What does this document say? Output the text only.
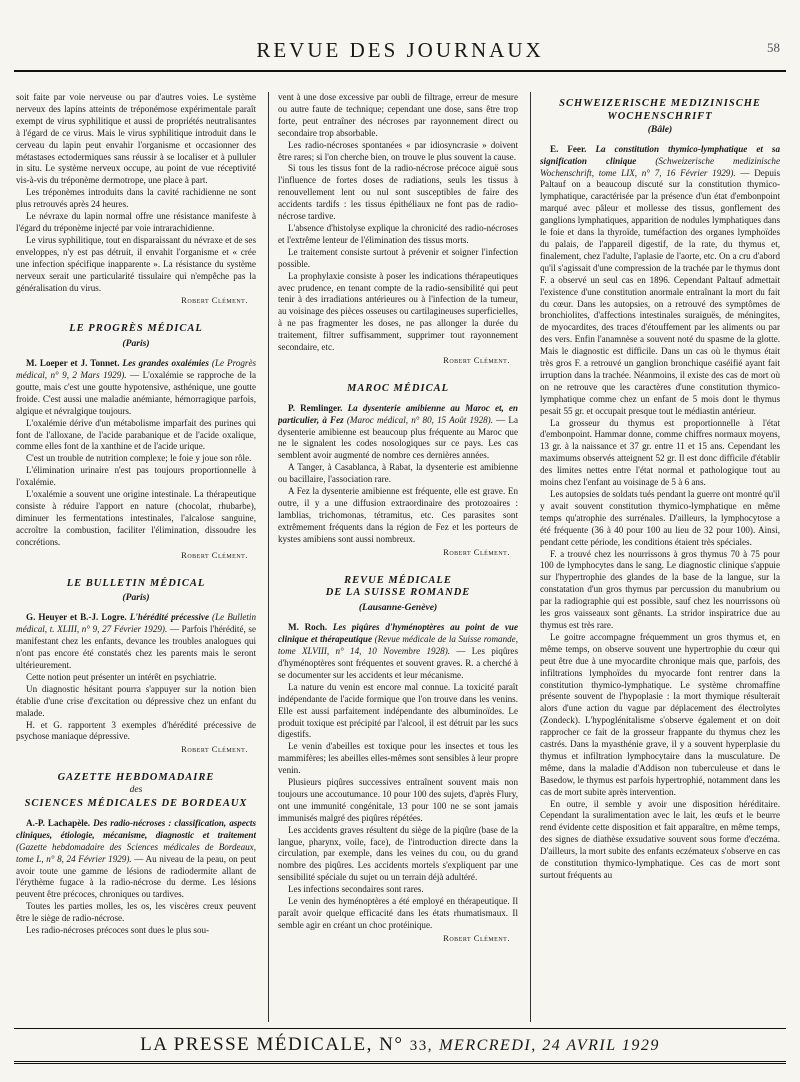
REVUE DES JOURNAUX	58

soit faite par voie nerveuse ou par d'autres voies. Le système nerveux des lapins atteints de tréponémose expérimentale paraît exempt de virus syphilitique et aussi de propriétés neutralisantes à l'égard de ce virus. Mais le virus syphilitique introduit dans le cerveau du lapin peut envahir l'organisme et occasionner des métastases ectodermiques sans réussir à se localiser et à pulluler in situ. Le système nerveux occupe, au point de vue réceptivité vis-à-vis du tréponème dermotrope, une place à part.

Les tréponèmes introduits dans la cavité rachidienne ne sont plus retrouvés après 24 heures.

Le névraxe du lapin normal offre une résistance manifeste à l'égard du tréponème injecté par voie intrarachidienne.

Le virus syphilitique, tout en disparaissant du névraxe et de ses enveloppes, n'y est pas détruit, il envahit l'organisme et « crée une infection spécifique inapparente ». La résistance du système nerveux serait une particularité tissulaire qui n'empêche pas la généralisation du virus.

Robert Clément.
LE PROGRÈS MÉDICAL
(Paris)

M. Loeper et J. Tonnet. Les grandes oxalémies (Le Progrès médical, n° 9, 2 Mars 1929). — L'oxalémie se rapproche de la goutte, mais c'est une goutte hypotensive, asthénique, une goutte froide. C'est aussi une maladie anémiante, hémorragique parfois, algique et névralgique toujours.

L'oxalémie dérive d'un métabolisme imparfait des purines qui font de l'alloxane, de l'acide parabanique et de l'acide oxalique, comme elles font de la xanthine et de l'acide urique.

C'est un trouble de nutrition complexe; le foie y joue son rôle.

L'élimination urinaire n'est pas toujours proportionnelle à l'oxalémie.

L'oxalémie a souvent une origine intestinale. La thérapeutique consiste à réduire l'apport en nature (chocolat, rhubarbe), diminuer les fermentations intestinales, l'alcalose sanguine, accroître la combustion, faciliter l'élimination, dissoudre les concrétions.

Robert Clément.
LE BULLETIN MÉDICAL
(Paris)

G. Heuyer et B.-J. Logre. L'hérédité précessive (Le Bulletin médical, t. XLIII, n° 9, 27 Février 1929). — Parfois l'hérédité, se manifestant chez les enfants, devance les troubles analogues qui n'ont pas encore été constatés chez les parents mais le seront ultérieurement.

Cette notion peut présenter un intérêt en psychiatrie.

Un diagnostic hésitant pourra s'appuyer sur la notion bien établie d'une crise d'excitation ou dépressive chez un enfant du malade.

H. et G. rapportent 3 exemples d'hérédité précessive de psychose maniaque dépressive.

Robert Clément.
GAZETTE HEBDOMADAIRE
des
SCIENCES MÉDICALES DE BORDEAUX

A.-P. Lachapèle. Des radio-nécroses : classification, aspects cliniques, étiologie, mécanisme, diagnostic et traitement (Gazette hebdomadaire des Sciences médicales de Bordeaux, tome L, n° 8, 24 Février 1929). — Au niveau de la peau, on peut avoir toute une gamme de lésions de radiodermite allant de l'érythème fugace à la radio-nécrose du derme. Les lésions peuvent être précoces, chroniques ou tardives.

Toutes les parties molles, les os, les viscères creux peuvent être le siège de radio-nécrose.

Les radio-nécroses précoces sont dues le plus sou-

vent à une dose excessive par oubli de filtrage, erreur de mesure ou autre faute de technique; cependant une dose, sans être trop forte, peut entraîner des nécroses par rayonnement direct ou secondaire trop absorbable.

Les radio-nécroses spontanées « par idiosyncrasie » doivent être rares; si l'on cherche bien, on trouve le plus souvent la cause.

Si tous les tissus font de la radio-nécrose précoce aiguë sous l'influence de fortes doses de radiations, seuls les tissus à renouvellement lent ou nul sont susceptibles de faire des accidents tardifs : les tissus épithéliaux ne font pas de radio-nécrose tardive.

L'absence d'histolyse explique la chronicité des radio-nécroses et l'extrême lenteur de l'élimination des tissus morts.

Le traitement consiste surtout à prévenir et soigner l'infection possible.

La prophylaxie consiste à poser les indications thérapeutiques avec prudence, en tenant compte de la radio-sensibilité qui peut tenir à des irradiations antérieures ou à l'infection de la tumeur, au voisinage des pièces osseuses ou cartilagineuses superficielles, à ne pas fragmenter les doses, ne pas allonger la durée du traitement, filtrer suffisamment, supprimer tout rayonnement secondaire, etc.

Robert Clément.
MAROC MÉDICAL

P. Remlinger. La dysenterie amibienne au Maroc et, en particulier, à Fez (Maroc médical, n° 80, 15 Août 1928). — La dysenterie amibienne est beaucoup plus fréquente au Maroc que ne le signalent les codes nosologiques sur ce pays. Les cas semblent avoir augmenté de nombre ces dernières années.

A Tanger, à Casablanca, à Rabat, la dysenterie est amibienne ou bacillaire, l'association rare.

A Fez la dysenterie amibienne est fréquente, elle est grave. En outre, il y a une diffusion extraordinaire des protozoaires : lamblias, trichomonas, tétramitus, etc. Ces parasites sont extrêmement fréquents dans la région de Fez et les porteurs de kystes amibiens sont aussi nombreux.

Robert Clément.
REVUE MÉDICALE
DE LA SUISSE ROMANDE
(Lausanne-Genève)

M. Roch. Les piqûres d'hyménoptères au point de vue clinique et thérapeutique (Revue médicale de la Suisse romande, tome XLVIII, n° 14, 10 Novembre 1928). — Les piqûres d'hyménoptères sont fréquentes et souvent graves. R. a cherché à se documenter sur les accidents et leur mécanisme.

La nature du venin est encore mal connue. La toxicité paraît indépendante de l'acide formique que l'on trouve dans les venins. Elle est aussi parfaitement indépendante des albuminoïdes. Le produit toxique est précipité par l'alcool, il est détruit par les sucs digestifs.

Le venin d'abeilles est toxique pour les insectes et tous les mammifères; les abeilles elles-mêmes sont sensibles à leur propre venin.

Plusieurs piqûres successives entraînent souvent mais non toujours une accoutumance. 10 pour 100 des sujets, d'après Flury, ont une immunité congénitale, 13 pour 100 ne se sont jamais immunisés malgré des piqûres répétées.

Les accidents graves résultent du siège de la piqûre (base de la langue, pharynx, voile, face), de l'introduction directe dans la circulation, par exemple, dans les veines du cou, ou du grand nombre des piqûres. Les accidents mortels s'expliquent par une sensibilité spéciale du sujet ou un terrain déjà adultéré.

Les infections secondaires sont rares.

Le venin des hyménoptères a été employé en thérapeutique. Il paraît avoir quelque efficacité dans les états rhumatismaux. Il semble agir en créant un choc protéinique.

Robert Clément.
SCHWEIZERISCHE MEDIZINISCHE
WOCHENSCHRIFT
(Bâle)

E. Feer. La constitution thymico-lymphatique et sa signification clinique (Schweizerische medizinische Wochenschrift, tome LIX, n° 7, 16 Février 1929). — Depuis Paltauf on a beaucoup discuté sur la constitution thymico-lymphatique, caractérisée par la présence d'un état d'embonpoint marqué avec pâleur et mollesse des tissus, gonflement des ganglions lymphatiques, apparition de nodules lymphatiques dans le foie et dans la thyroïde, tuméfaction des organes lymphoïdes du palais, de l'appareil digestif, de la rate, du thymus et, finalement, chez l'adulte, l'aplasie de l'aorte, etc. On a cru d'abord qu'il s'agissait d'une compression de la trachée par le thymus dont F. a observé un seul cas en 1896. Cependant Paltauf admettait l'existence d'une constitution anormale entraînant la mort du fait du cœur. Dans les autopsies, on a retrouvé des symptômes de bronchiolites, d'affections intestinales suraiguës, de méningites, de myocardites, des traces d'étouffement par les aliments ou par des vers. Enfin l'anamnèse a souvent noté du spasme de la glotte. Mais le diagnostic est difficile. Dans un cas où le thymus était très gros F. a retrouvé un ganglion bronchique caséifié ayant fait irruption dans la trachée. Néanmoins, il existe des cas de mort où on ne retrouve que les caractères d'une constitution thymico-lymphatique comme chez un enfant de 5 mois dont le thymus pesait 55 gr. et occupait presque tout le médiastin antérieur.

La grosseur du thymus est proportionnelle à l'état d'embonpoint. Hammar donne, comme chiffres normaux moyens, 13 gr. à la naissance et 37 gr. entre 11 et 15 ans. Cependant les maximums observés atteignent 52 gr. Il est donc difficile d'établir des limites nettes entre l'état normal et pathologique tout au moins chez l'enfant au voisinage de 5 à 6 ans.

Les autopsies de soldats tués pendant la guerre ont montré qu'il y avait souvent constitution thymico-lymphatique en même temps qu'atrophie des surrénales. D'ailleurs, la lymphocytose a été fréquente (36 à 40 pour 100 au lieu de 32 pour 100). Ainsi, pendant cette période, les conditions étaient très spéciales.

F. a trouvé chez les nourrissons à gros thymus 70 à 75 pour 100 de lymphocytes dans le sang. Le diagnostic clinique s'appuie sur l'hypertrophie des glandes de la base de la langue, sur la constatation d'un gros thymus par percussion du manubrium ou par la radiographie qui est possible, sauf chez les nourrissons où les gros vaisseaux sont gênants. La stridor inspiratrice due au thymus est très rare.

Le goitre accompagne fréquemment un gros thymus et, en même temps, on observe souvent une hypertrophie du cœur qui peut être due à une myocardite chronique mais que, parfois, des infiltrations lymphoïdes du myocarde font rentrer dans la constitution thymico-lymphatique. Le système chromaffine présente souvent de l'hypoplasie : la mort thymique résulterait alors d'une action du vague par déplacement des électrolytes (Zondeck). L'hypoglénitalisme s'observe également et on doit rapprocher ce fait de la grosseur frappante du thymus chez les castrés. Dans la myasthénie grave, il y a souvent hyperplasie du thymus et infiltration lymphocytaire dans la musculature. De même, dans la maladie d'Addison non tuberculeuse et dans le Basedow, le thymus est parfois hypertrophié, notamment dans les cas de mort subite après intervention.

En outre, il semble y avoir une disposition héréditaire. Cependant la suralimentation avec le lait, les œufs et le beurre rend évidente cette disposition et fait apparaître, en même temps, des signes de diathèse exsudative souvent sous forme d'eczéma. D'ailleurs, la mort subite des enfants eczémateux s'observe en cas de constitution thymico-lymphatique. Ces cas de mort sont surtout fréquents au

LA PRESSE MÉDICALE, N° 33, MERCREDI, 24 AVRIL 1929
